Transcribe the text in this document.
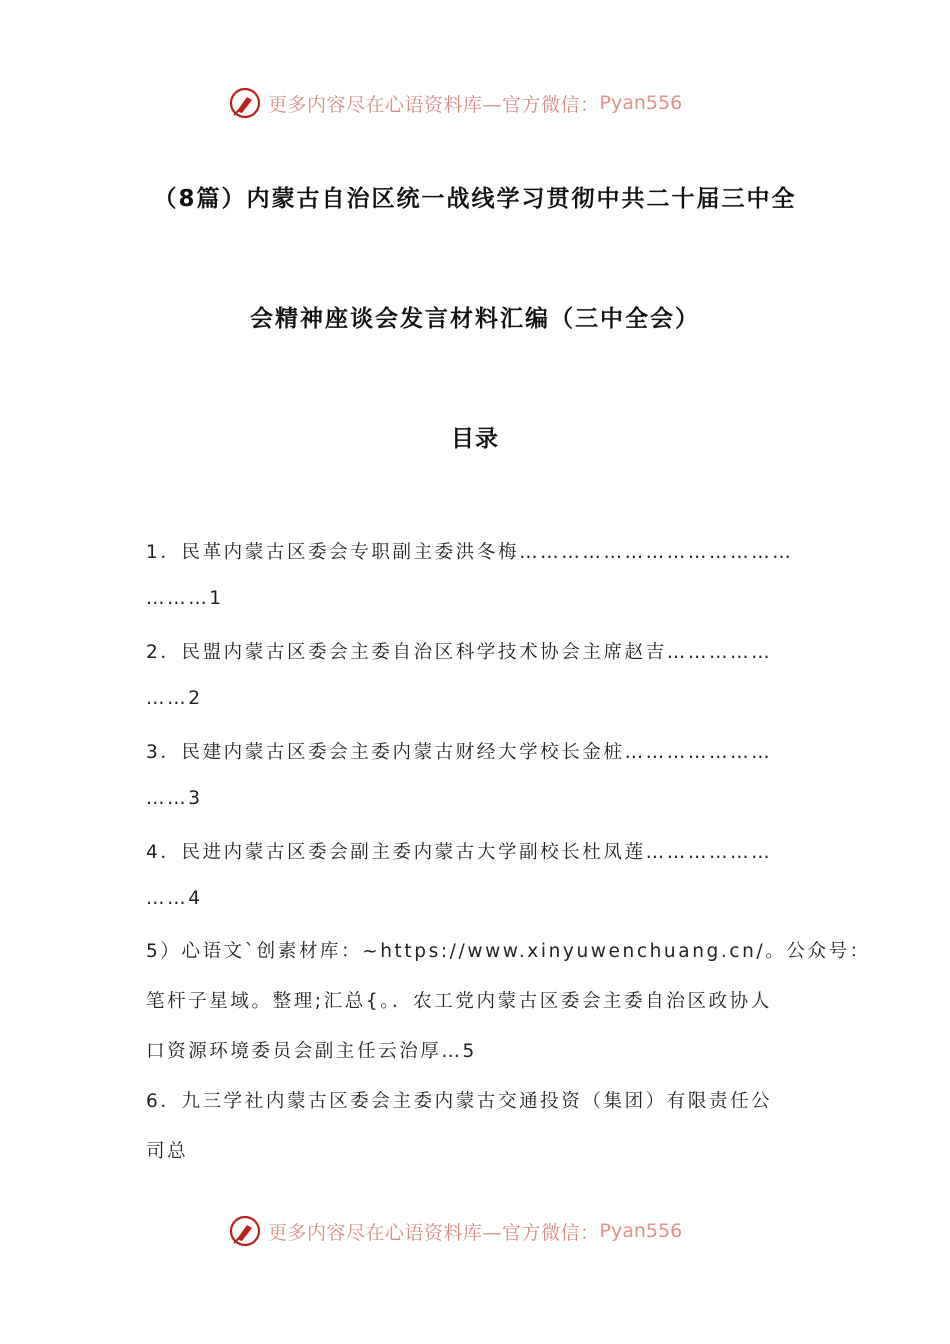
更多内容尽在心语资料库—官方微信： Pyan556
（8篇）内蒙古自治区统一战线学习贯彻中共二十届三中全
会精神座谈会发言材料汇编（三中全会）
目录
1．民革内蒙古区委会专职副主委洪冬梅…………………………………
………1
2．民盟内蒙古区委会主委自治区科学技术协会主席赵吉……………
……2
3．民建内蒙古区委会主委内蒙古财经大学校长金桩…………………
……3
4．民进内蒙古区委会副主委内蒙古大学副校长杜凤莲………………
……4
5）心语文`创素材库：~https://www.xinyuwenchuang.cn/。公众号：
笔杆子星域。整理;汇总{。．农工党内蒙古区委会主委自治区政协人
口资源环境委员会副主任云治厚…5
6．九三学社内蒙古区委会主委内蒙古交通投资（集团）有限责任公
司总
更多内容尽在心语资料库—官方微信： Pyan556
